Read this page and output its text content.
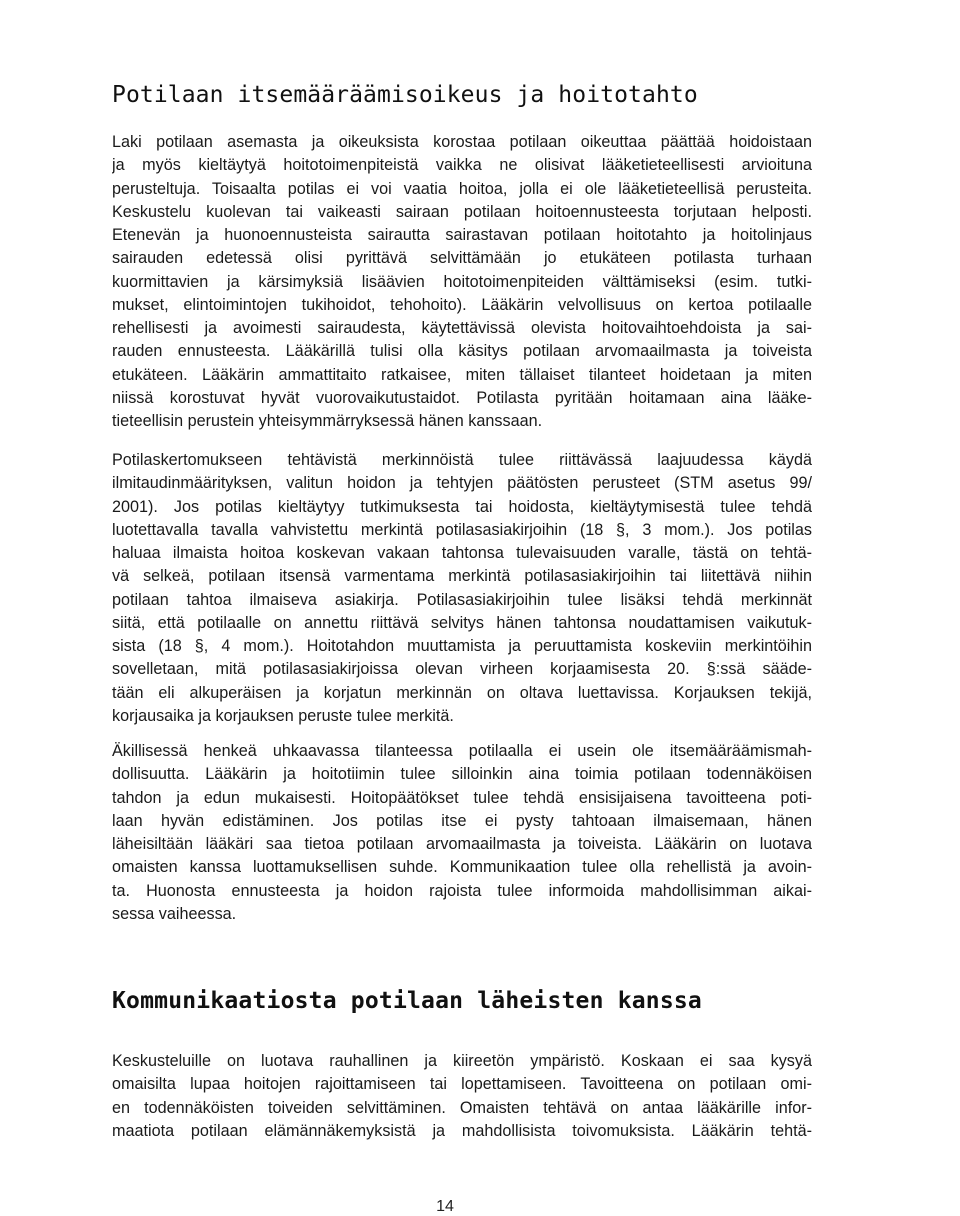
Potilaan itsemääräämisoikeus ja hoitotahto
Laki potilaan asemasta ja oikeuksista korostaa potilaan oikeuttaa päättää hoidoistaan
ja myös kieltäytyä hoitotoimenpiteistä vaikka ne olisivat lääketieteellisesti arvioituna
perusteltuja. Toisaalta potilas ei voi vaatia hoitoa, jolla ei ole lääketieteellisä perusteita.
Keskustelu kuolevan tai vaikeasti sairaan potilaan hoitoennusteesta torjutaan helposti.
Etenevän ja huonoennusteista sairautta sairastavan potilaan hoitotahto ja hoitolinjaus
sairauden edetessä olisi pyrittävä selvittämään jo etukäteen potilasta turhaan
kuormittavien ja kärsimyksiä lisäävien hoitotoimenpiteiden välttämiseksi (esim. tutki-
mukset, elintoimintojen tukihoidot, tehohoito). Lääkärin velvollisuus on kertoa potilaalle
rehellisesti ja avoimesti sairaudesta, käytettävissä olevista hoitovaihtoehdoista ja sai-
rauden ennusteesta. Lääkärillä tulisi olla käsitys potilaan arvomaailmasta ja toiveista
etukäteen. Lääkärin ammattitaito ratkaisee, miten tällaiset tilanteet hoidetaan ja miten
niissä korostuvat hyvät vuorovaikutustaidot. Potilasta pyritään hoitamaan aina lääke-
tieteellisin perustein yhteisymmärryksessä hänen kanssaan.
Potilaskertomukseen tehtävistä merkinnöistä tulee riittävässä laajuudessa käydä
ilmitaudinmäärityksen, valitun hoidon ja tehtyjen päätösten perusteet (STM asetus 99/
2001). Jos potilas kieltäytyy tutkimuksesta tai hoidosta, kieltäytymisestä tulee tehdä
luotettavalla tavalla vahvistettu merkintä potilasasiakirjoihin (18 §, 3 mom.). Jos potilas
haluaa ilmaista hoitoa koskevan vakaan tahtonsa tulevaisuuden varalle, tästä on tehtä-
vä selkeä, potilaan itsensä varmentama merkintä potilasasiakirjoihin tai liitettävä niihin
potilaan tahtoa ilmaiseva asiakirja. Potilasasiakirjoihin tulee lisäksi tehdä merkinnät
siitä, että potilaalle on annettu riittävä selvitys hänen tahtonsa noudattamisen vaikutuk-
sista (18 §, 4 mom.). Hoitotahdon muuttamista ja peruuttamista koskeviin merkintöihin
sovelletaan, mitä potilasasiakirjoissa olevan virheen korjaamisesta 20. §:ssä sääde-
tään eli alkuperäisen ja korjatun merkinnän on oltava luettavissa. Korjauksen tekijä,
korjausaika ja korjauksen peruste tulee merkitä.
Äkillisessä henkeä uhkaavassa tilanteessa potilaalla ei usein ole itsemääräämismah-
dollisuutta. Lääkärin ja hoitotiimin tulee silloinkin aina toimia potilaan todennäköisen
tahdon ja edun mukaisesti. Hoitopäätökset tulee tehdä ensisijaisena tavoitteena poti-
laan hyvän edistäminen. Jos potilas itse ei pysty tahtoaan ilmaisemaan, hänen
läheisiltään lääkäri saa tietoa potilaan arvomaailmasta ja toiveista. Lääkärin on luotava
omaisten kanssa luottamuksellisen suhde. Kommunikaation tulee olla rehellistä ja avoin-
ta. Huonosta ennusteesta ja hoidon rajoista tulee informoida mahdollisimman aikai-
sessa vaiheessa.
Kommunikaatiosta potilaan läheisten kanssa
Keskusteluille on luotava rauhallinen ja kiireetön ympäristö. Koskaan ei saa kysyä
omaisilta lupaa hoitojen rajoittamiseen tai lopettamiseen. Tavoitteena on potilaan omi-
en todennäköisten toiveiden selvittäminen. Omaisten tehtävä on antaa lääkärille infor-
maatiota potilaan elämännäkemyksistä ja mahdollisista toivomuksista. Lääkärin tehtä-
14
